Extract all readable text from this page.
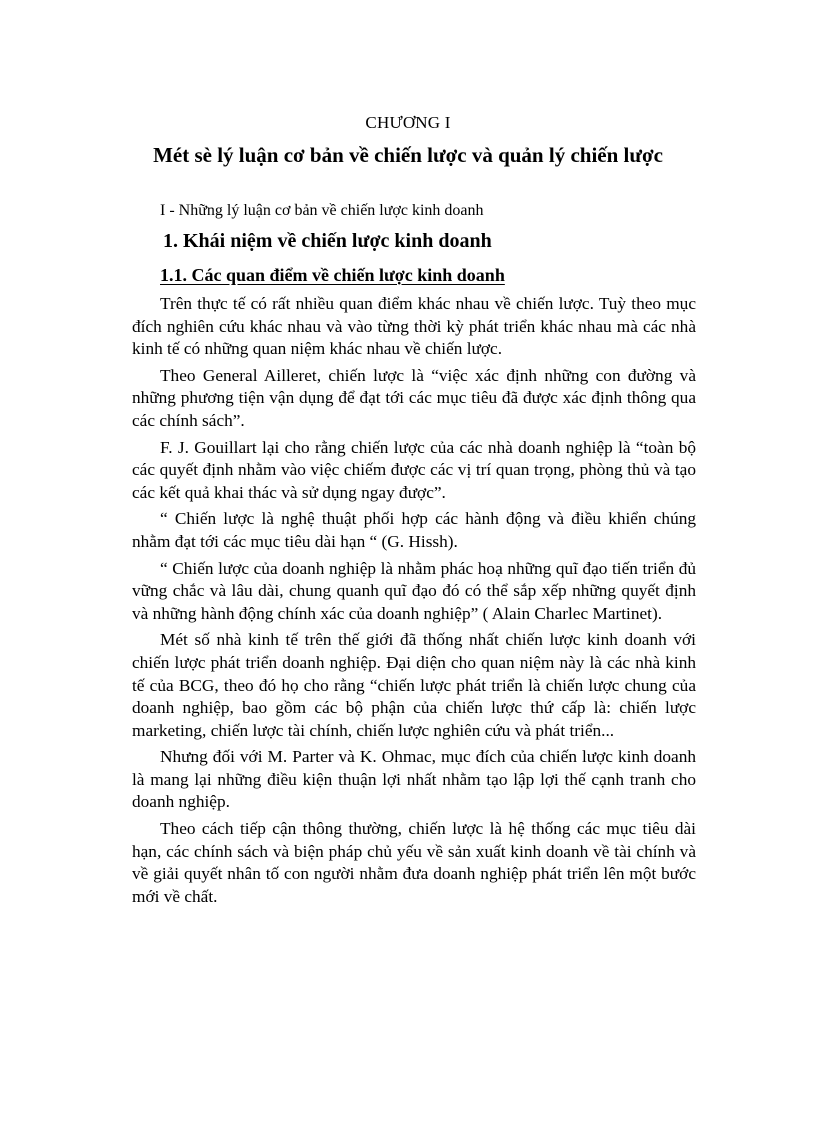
CHƯƠNG I
Mét sè lý luận cơ bản về chiến lược và quản lý chiến lược
I - Những lý luận cơ bản về chiến lược kinh doanh
1. Khái niệm về chiến lược kinh doanh
1.1. Các quan điểm về chiến lược kinh doanh

Trên thực tế có rất nhiều quan điểm khác nhau về chiến lược. Tuỳ theo mục đích nghiên cứu khác nhau và vào từng thời kỳ phát triển khác nhau mà các nhà kinh tế có những quan niệm khác nhau về chiến lược.

Theo General Ailleret, chiến lược là “việc xác định những con đường và những phương tiện vận dụng để đạt tới các mục tiêu đã được xác định thông qua các chính sách”.

F. J. Gouillart lại cho rằng chiến lược của các nhà doanh nghiệp là “toàn bộ các quyết định nhằm vào việc chiếm được các vị trí quan trọng, phòng thủ và tạo các kết quả khai thác và sử dụng ngay được”.

“ Chiến lược là nghệ thuật phối hợp các hành động và điều khiển chúng nhằm đạt tới các mục tiêu dài hạn “ (G. Hissh).

“ Chiến lược của doanh nghiệp là nhằm phác hoạ những quĩ đạo tiến triển đủ vững chắc và lâu dài, chung quanh quĩ đạo đó có thể sắp xếp những quyết định và những hành động chính xác của doanh nghiệp” ( Alain Charlec Martinet).

Mét số nhà kinh tế trên thế giới đã thống nhất chiến lược kinh doanh với chiến lược phát triển doanh nghiệp. Đại diện cho quan niệm này là các nhà kinh tế của BCG, theo đó họ cho rằng “chiến lược phát triển là chiến lược chung của doanh nghiệp, bao gồm các bộ phận của chiến lược thứ cấp là: chiến lược marketing, chiến lược tài chính, chiến lược nghiên cứu và phát triển...

Nhưng đối với M. Parter và K. Ohmac, mục đích của chiến lược kinh doanh là mang lại những điều kiện thuận lợi nhất nhằm tạo lập lợi thế cạnh tranh cho doanh nghiệp.

Theo cách tiếp cận thông thường, chiến lược là hệ thống các mục tiêu dài hạn, các chính sách và biện pháp chủ yếu về sản xuất kinh doanh về tài chính và về giải quyết nhân tố con người nhằm đưa doanh nghiệp phát triển lên một bước mới về chất.
